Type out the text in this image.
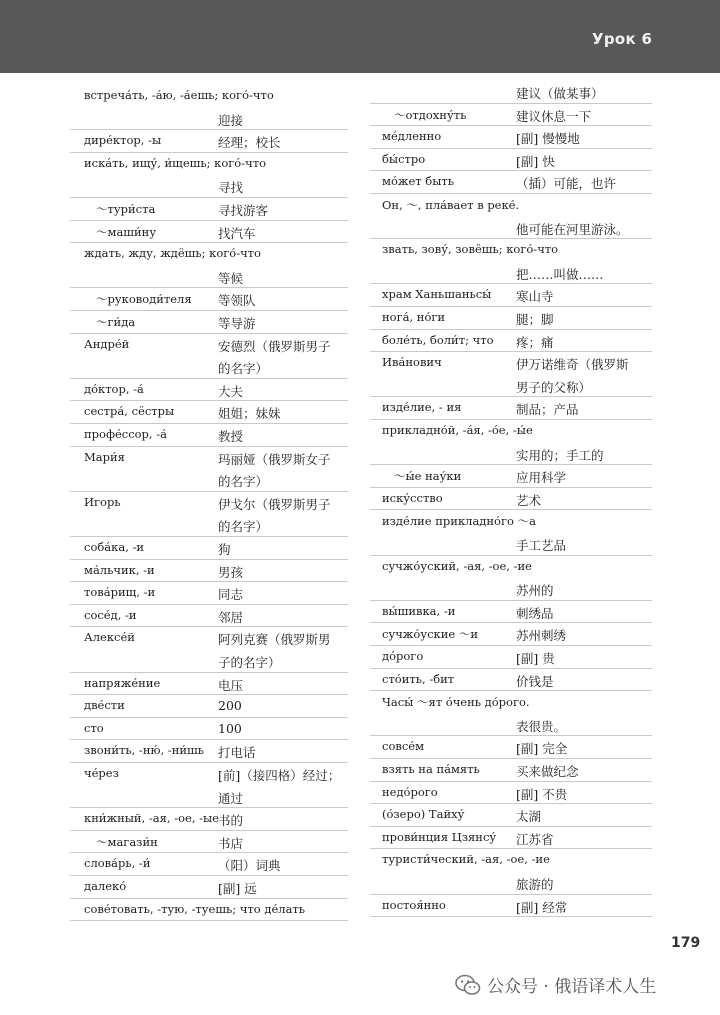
Урок 6
встреча́ть, -а́ю, -а́ешь; кого́-что
迎接
дире́ктор, -ы	经理；校长
иска́ть, ищу́, и́щешь; кого́-что
寻找
～тури́ста	寻找游客
～маши́ну	找汽车
ждать, жду, ждёшь; кого́-что
等候
～руководи́теля 等领队
～ги́да	等导游
Андре́й	安德烈（俄罗斯男子
的名字）
до́ктор, -а́	大夫
сестра́, сёстры	姐姐；妹妹
профе́ссор, -а́	教授
Мари́я	玛丽娅（俄罗斯女子
的名字）
Игорь	伊戈尔（俄罗斯男子
的名字）
соба́ка, -и	狗
ма́льчик, -и	男孩
това́рищ, -и	同志
сосе́д, -и	邻居
Алексе́й	阿列克赛（俄罗斯男
子的名字）
напряже́ние	电压
две́сти	200
сто	100
звони́ть, -ню́, -ни́шь 打电话
че́рез	[前]（接四格）经过；
通过
кни́жный, -ая, -ое, -ые 书的
～магази́н	书店
слова́рь, -и́	（阳）词典
далеко́	[副] 远
сове́товать, -тую, -туешь; что де́лать
建议（做某事）
～отдохну́ть	建议休息一下
ме́дленно	[副] 慢慢地
бы́стро	[副] 快
мо́жет быть	（插）可能，也许
Он, ～, пла́вает в реке́.
他可能在河里游泳。
звать, зову́, зовёшь; кого́-что
把……叫做……
храм Ханьшаньсы́ 寒山寺
нога́, но́ги	腿；脚
боле́ть, боли́т; что 疼；痛
Ива́нович	伊万诺维奇（俄罗斯
男子的父称）
изде́лие, - ия	制品；产品
прикладно́й, -а́я, -о́е, -ы́е
实用的；手工的
～ы́е нау́ки	应用科学
иску́сство	艺术
изде́лие прикладно́го ～а
手工艺品
сучжо́уский, -ая, -ое, -ие
苏州的
вы́шивка, -и	刺绣品
сучжо́уские ～и	苏州刺绣
до́рого	[副] 贵
сто́ить, -бит	价钱是
Часы́ ～ят о́чень до́рого.
表很贵。
совсе́м	[副] 完全
взять на па́мять	买来做纪念
недо́рого	[副] 不贵
(о́зеро) Тайху́	太湖
прови́нция Цзянсу́ 江苏省
туристи́ческий, -ая, -ое, -ие
旅游的
постоя́нно	[副] 经常
179
公众号 · 俄语译术人生
